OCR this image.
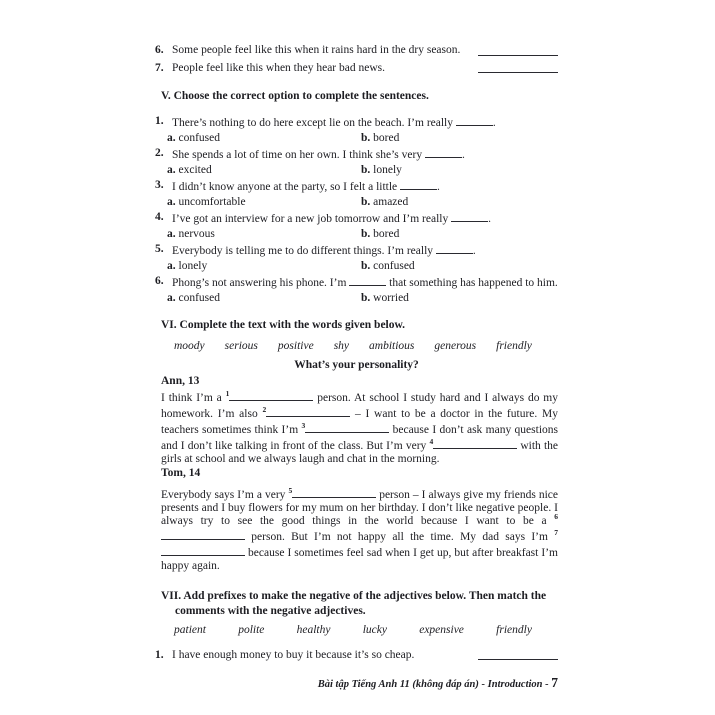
6. Some people feel like this when it rains hard in the dry season.
7. People feel like this when they hear bad news.
V. Choose the correct option to complete the sentences.
1. There’s nothing to do here except lie on the beach. I’m really	.
a. confused	b. bored
2. She spends a lot of time on her own. I think she’s very	.
a. excited	b. lonely
3. I didn’t know anyone at the party, so I felt a little	.
a. uncomfortable	b. amazed
4. I’ve got an interview for a new job tomorrow and I’m really	.
a. nervous	b. bored
5. Everybody is telling me to do different things. I’m really	.
a. lonely	b. confused
6. Phong’s not answering his phone. I’m	that something has happened to him.
a. confused	b. worried
VI. Complete the text with the words given below.
moody serious positive shy ambitious generous friendly
What’s your personality?
Ann, 13
I think I’m a $^1$	person. At school I study hard and I always do my homework. I’m also $^2$	– I want to be a doctor in the future. My teachers sometimes think I’m $^3$	because I don’t ask many questions and I don’t like talking in front of the class. But I’m very $^4$	with the girls at school and we always laugh and chat in the morning.
Tom, 14
Everybody says I’m a very $^5$	person – I always give my friends nice presents and I buy flowers for my mum on her birthday. I don’t like negative people. I always try to see the good things in the world because I want to be a $^6$ person. But I’m not happy all the time. My dad says I’m $^7$ because I sometimes feel sad when I get up, but after breakfast I’m happy again.
VII. Add prefixes to make the negative of the adjectives below. Then match the comments with the negative adjectives.
patient	polite	healthy	lucky	expensive	friendly
1. I have enough money to buy it because it’s so cheap.
Bài tập Tiếng Anh 11 (không đáp án) - Introduction - 7
